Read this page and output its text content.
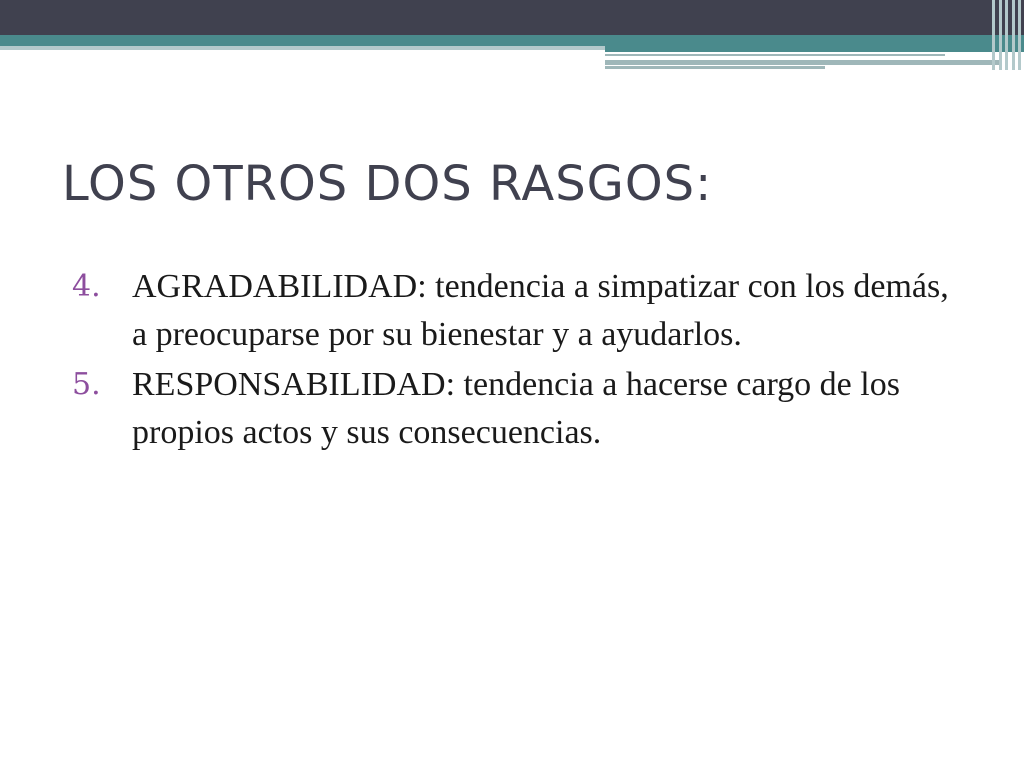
LOS OTROS DOS RASGOS:
4. AGRADABILIDAD: tendencia a simpatizar con los demás, a preocuparse por su bienestar y a ayudarlos.
5. RESPONSABILIDAD: tendencia a hacerse cargo de los propios actos y sus consecuencias.
